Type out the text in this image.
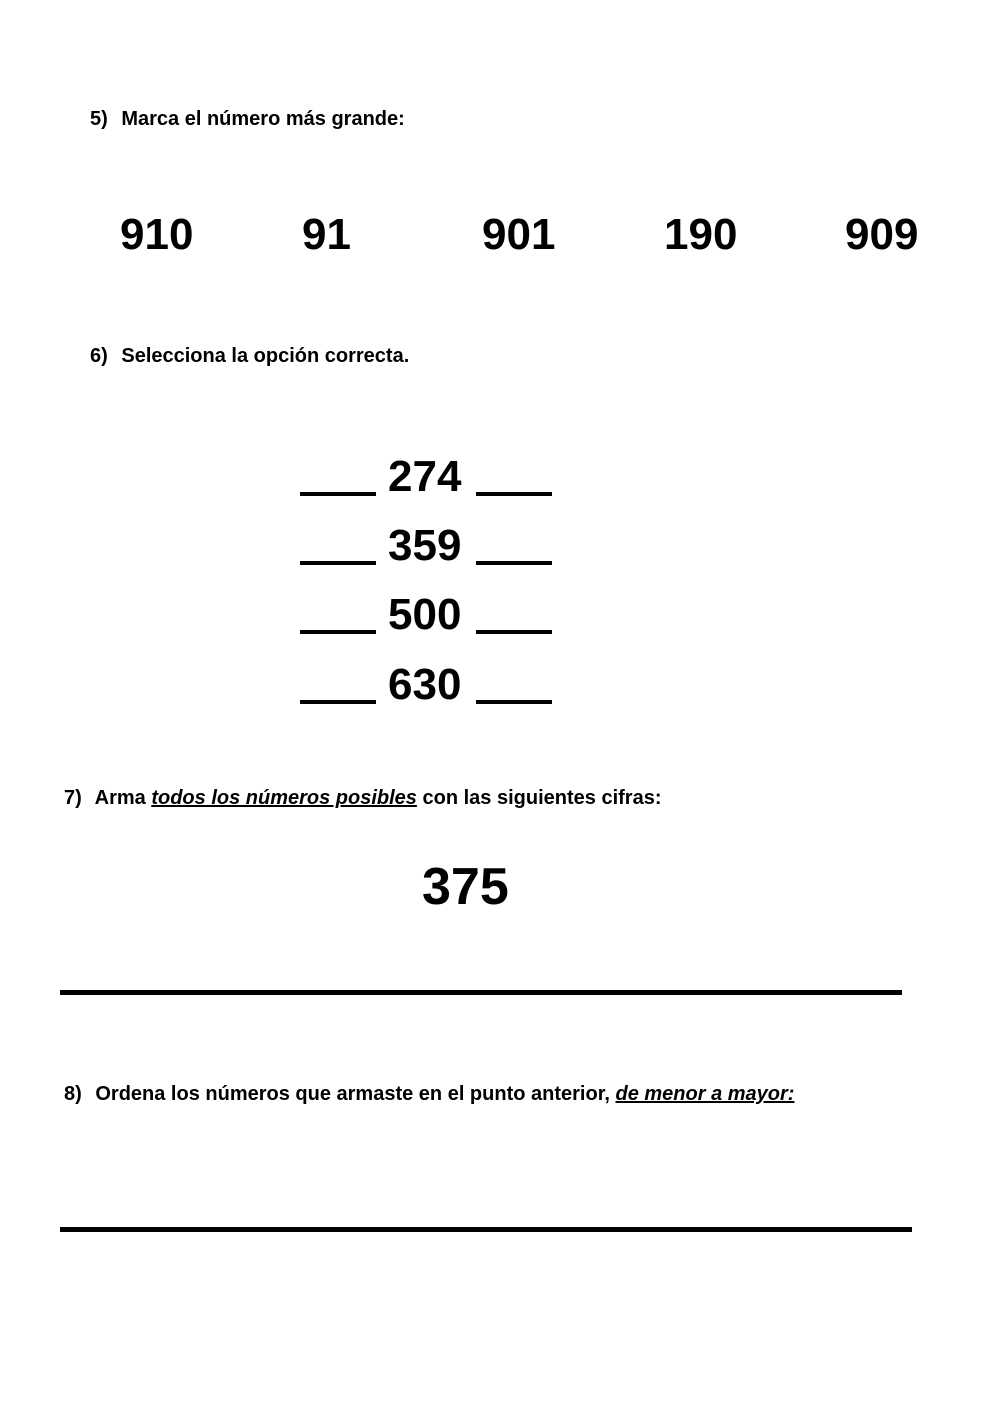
5) Marca el número más grande:
910 91	901 190 909
6) Selecciona la opción correcta.
274
359
500
630
7) Arma todos los números posibles con las siguientes cifras:
375
8) Ordena los números que armaste en el punto anterior, de menor a mayor:
